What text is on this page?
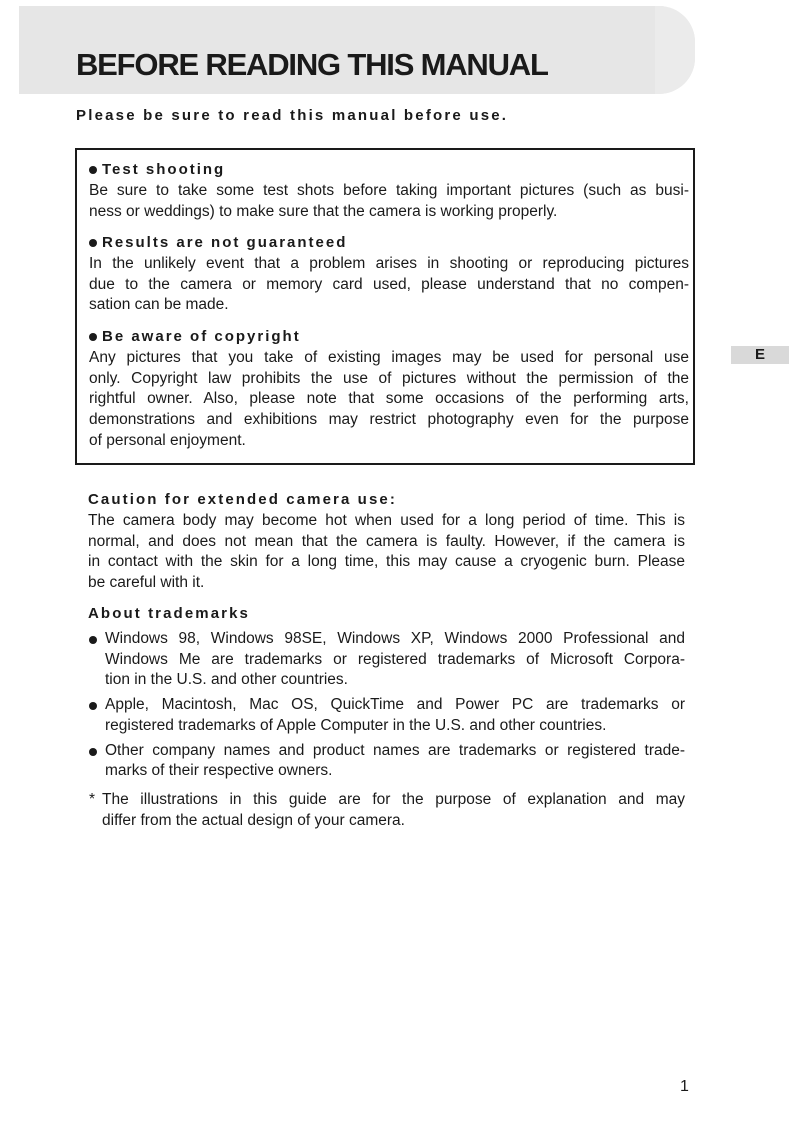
BEFORE READING THIS MANUAL

Please be sure to read this manual before use.

Test shooting
Be sure to take some test shots before taking important pictures (such as busi-
ness or weddings) to make sure that the camera is working properly.
Results are not guaranteed
In the unlikely event that a problem arises in shooting or reproducing pictures
due to the camera or memory card used, please understand that no compen-
sation can be made.
Be aware of copyright
Any pictures that you take of existing images may be used for personal use
only. Copyright law prohibits the use of pictures without the permission of the
rightful owner. Also, please note that some occasions of the performing arts,
demonstrations and exhibitions may restrict photography even for the purpose
of personal enjoyment.
E
Caution for extended camera use:
The camera body may become hot when used for a long period of time. This is
normal, and does not mean that the camera is faulty. However, if the camera is
in contact with the skin for a long time, this may cause a cryogenic burn. Please
be careful with it.
About trademarks
Windows 98, Windows 98SE, Windows XP, Windows 2000 Professional and
Windows Me are trademarks or registered trademarks of Microsoft Corpora-
tion in the U.S. and other countries.
Apple, Macintosh, Mac OS, QuickTime and Power PC are trademarks or
registered trademarks of Apple Computer in the U.S. and other countries.
Other company names and product names are trademarks or registered trade-
marks of their respective owners.
* The illustrations in this guide are for the purpose of explanation and may
differ from the actual design of your camera.
1
